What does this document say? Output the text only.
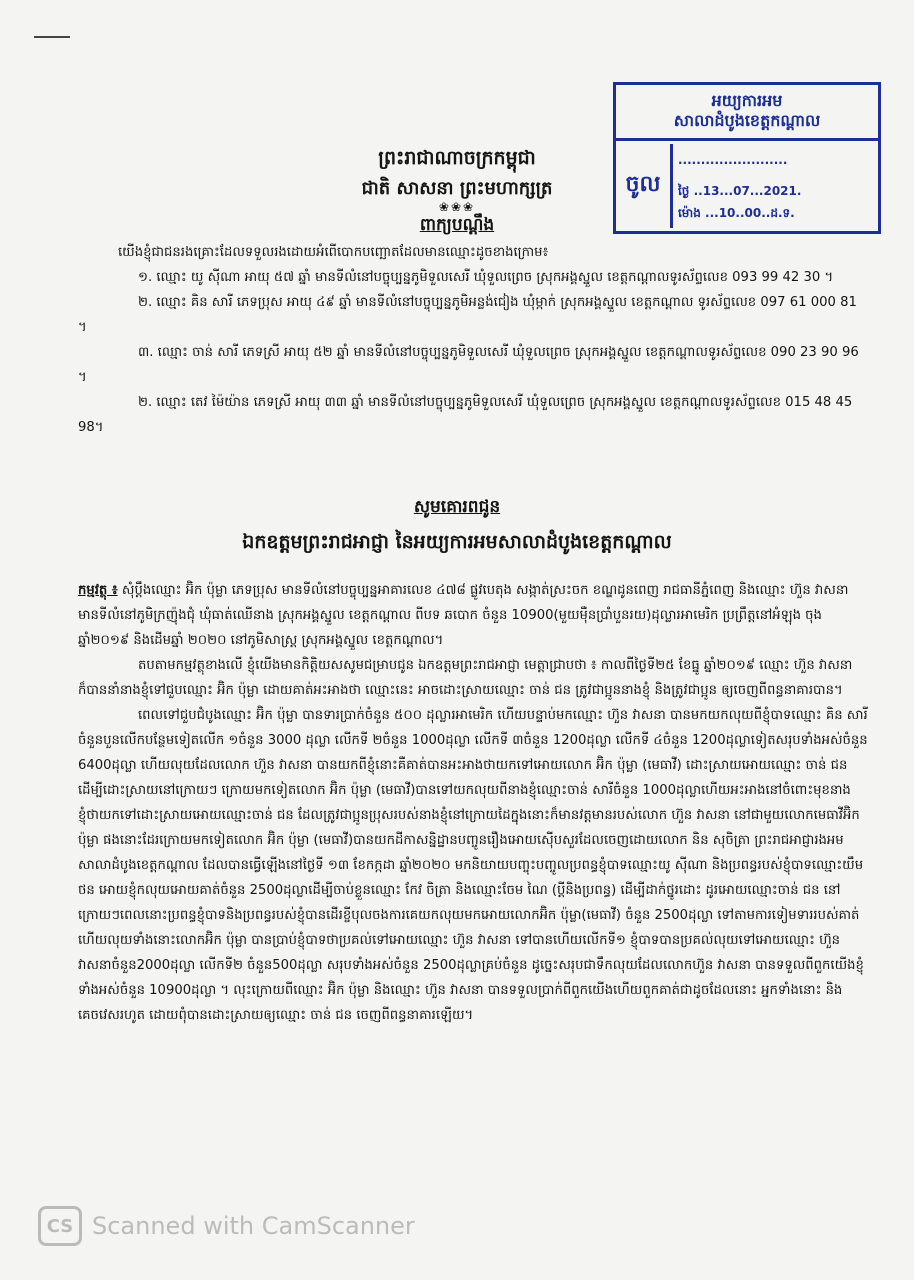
អយ្យការអម
សាលាដំបូងខេត្តកណ្ដាល
ចូល
........................
ថ្ងៃ ..13...07...2021.
ម៉ោង ...10..00..ដ.ទ.
ព្រះរាជាណាចក្រកម្ពុជា
ជាតិ សាសនា ព្រះមហាក្សត្រ
❀❀❀
ពាក្យបណ្ដឹង

យើងខ្ញុំជាជនរងគ្រោះដែលទទួលរងដោយអំពើបោកបញ្ឆោតដែលមានឈ្មោះដូចខាងក្រោម៖

១. ឈ្មោះ យូ ស៊ីណា អាយុ ៥៧ ឆ្នាំ មានទីលំនៅបច្ចុប្បន្នភូមិទួលសេរី ឃុំទួលព្រេច ស្រុកអង្គស្នួល ខេត្តកណ្ដាលទូរស័ព្ទលេខ 093 99 42 30 ។

២. ឈ្មោះ គិន សារី ភេទប្រុស អាយុ ៤៩ ឆ្នាំ មានទីលំនៅបច្ចុប្បន្នភូមិអន្លង់ជៀង ឃុំម្កាក់ ស្រុកអង្គស្នួល ខេត្តកណ្ដាល ទូរស័ព្ទលេខ 097 61 000 81 ។

៣. ឈ្មោះ ចាន់ សារី ភេទស្រី អាយុ ៥២ ឆ្នាំ មានទីលំនៅបច្ចុប្បន្នភូមិទួលសេរី ឃុំទួលព្រេច ស្រុកអង្គស្នួល ខេត្តកណ្ដាលទូរស័ព្ទលេខ 090 23 90 96 ។

២. ឈ្មោះ តេវ ម៉ៃយ៉ាន ភេទស្រី អាយុ ៣៣ ឆ្នាំ មានទីលំនៅបច្ចុប្បន្នភូមិទួលសេរី ឃុំទួលព្រេច ស្រុកអង្គស្នួល ខេត្តកណ្ដាលទូរស័ព្ទលេខ 015 48 45 98។

សូមគោរពជូន
ឯកឧត្តមព្រះរាជអាជ្ញា នៃអយ្យការអមសាលាដំបូងខេត្តកណ្ដាល

កម្មវត្ថុ ៖ សុំប្ដឹងឈ្មោះ អ៊ិក ប៉ុម្លា ភេទប្រុស មានទីលំនៅបច្ចុប្បន្នអាគារលេខ ៤៧៨ ផ្លូវបេតុង សង្កាត់ស្រះចក ខណ្ឌដូនពេញ រាជធានីភ្នំពេញ និងឈ្មោះ ហ៊ួន វាសនា មានទីលំនៅភូមិក្រញ៉ុងជុំ ឃុំធាត់ឈើនាង ស្រុកអង្គស្នួល ខេត្តកណ្ដាល ពីបទ ឆបោក ចំនួន 10900(មួយម៉ឺនប្រាំបួនរយ)ដុល្លារអាមេរិក ប្រព្រឹត្តនៅអំឡុង ចុងឆ្នាំ២០១៩ និងដើមឆ្នាំ ២០២០ នៅភូមិសាស្ត្រ ស្រុកអង្គស្នួល ខេត្តកណ្ដាល។

តបតាមកម្មវត្ថុខាងលើ ខ្ញុំយើងមានកិត្តិយសសូមជម្រាបជូន ឯកឧត្តមព្រះរាជអាជ្ញា មេត្តាជ្រាបថា ៖ កាលពីថ្ងៃទី២៥ ខែធ្នូ ឆ្នាំ២០១៩ ឈ្មោះ ហ៊ួន វាសនា ក៏បាននាំនាងខ្ញុំទៅជួបឈ្មោះ អ៊ិក ប៉ុម្លា ដោយគាត់អះអាងថា ឈ្មោះនេះ អាចដោះស្រាយឈ្មោះ ចាន់ ជន ត្រូវជាប្អូននាងខ្ញុំ និងត្រូវជាប្អូន ឲ្យចេញពីពន្ធនាគារបាន។

ពេលទៅជួបជំបូងឈ្មោះ អ៊ិក ប៉ុម្លា បានទារប្រាក់ចំនួន ៥០០ ដុល្លារអាមេរិក ហើយបន្ទាប់មកឈ្មោះ ហ៊ួន វាសនា បានមកយកលុយពីខ្ញុំបាទឈ្មោះ គិន សារី ចំនួនបួនលើកបន្ថែមទៀតលើក ១ចំនួន 3000 ដុល្លា លើកទី ២ចំនួន 1000ដុល្លា លើកទី ៣ចំនួន 1200ដុល្លា លើកទី ៤ចំនួន 1200ដុល្លាទៀតសរុបទាំងអស់ចំនួន 6400ដុល្លា ហើយលុយដែលលោក ហ៊ួន វាសនា បានយកពីខ្ញុំនោះគឺគាត់បានអះអាងថាយកទៅអោយលោក អ៊ិក ប៉ុម្លា (មេធាវី) ដោះស្រាយអោយឈ្មោះ ចាន់ ជន ដើម្បីដោះស្រាយនៅក្រោយៗ ក្រោយមកទៀតលោក អ៊ិក ប៉ុម្លា (មេធាវី)បានទៅយកលុយពីនាងខ្ញុំឈ្មោះចាន់ សារីចំនួន 1000ដុល្លាហើយអះអាងនៅចំពោះមុខនាងខ្ញុំថាយកទៅដោះស្រាយអោយឈ្មោះចាន់ ជន ដែលត្រូវជាប្អូនប្រុសរបស់នាងខ្ញុំនៅក្រោយដៃក្នុងនោះក៏មានវត្តមានរបស់លោក ហ៊ួន វាសនា នៅជាមួយលោកមេធាវីអ៊ិក ប៉ុម្លា ផងនោះដែរក្រោយមកទៀតលោក អ៊ិក ប៉ុម្លា (មេធាវី)បានយកដីកាសន្និដ្ឋានបញ្ចូនរឿងអោយស៊ើបសួរដែលចេញដោយលោក និន សុចិត្រា ព្រះរាជអាជ្ញារងអមសាលាដំបូងខេត្តកណ្ដាល ដែលបានធ្វើឡើងនៅថ្ងៃទី ១៣ ខែកក្កដា ឆ្នាំ២០២០ មកនិយាយបញ្ចុះបញ្ចូលប្រពន្ធខ្ញុំបាទឈ្មោះយូ ស៊ីណា និងប្រពន្ធរបស់ខ្ញុំបាទឈ្មោះយឹម ថន អោយខ្ញុំកលុយអោយគាត់ចំនួន 2500ដុល្លាដើម្បីចាប់ខ្លួនឈ្មោះ កែវ ចិត្រា និងឈ្មោះចែម ណៃ (ប្ដីនិងប្រពន្ធ) ដើម្បីដាក់ថ្នូរដោះ ដូរអោយឈ្មោះចាន់ ជន នៅក្រោយៗពេលនោះប្រពន្ធខ្ញុំបាទនិងប្រពន្ធរបស់ខ្ញុំបានដើរខ្ចីបុលចងការគេយកលុយមកអោយលោកអ៊ិក ប៉ុម្លា(មេធាវី) ចំនួន 2500ដុល្លា ទៅតាមការទៀមទាររបស់គាត់ហើយលុយទាំងនោះលោកអ៊ិក ប៉ុម្លា បានប្រាប់ខ្ញុំបាទថាប្រគល់ទៅអោយឈ្មោះ ហ៊ួន វាសនា ទៅបានហើយលើកទី១ ខ្ញុំបាទបានប្រគល់លុយទៅអោយឈ្មោះ ហ៊ួន វាសនាចំនួន2000ដុល្លា លើកទី២ ចំនួន500ដុល្លា សរុបទាំងអស់ចំនួន 2500ដុល្លាគ្រប់ចំនួន ដូច្នេះសរុបជាទឹកលុយដែលលោកហ៊ួន វាសនា បានទទួលពីពួកយើងខ្ញុំទាំងអស់ចំនួន 10900ដុល្លា ។ លុះក្រោយពីឈ្មោះ អ៊ិក ប៉ុម្លា និងឈ្មោះ ហ៊ួន វាសនា បានទទួលប្រាក់ពីពួកយើងហើយពួកគាត់ជាដូចដែលនោះ អ្នកទាំងនោះ និងគេចវេសរហូត ដោយពុំបានដោះស្រាយឲ្យឈ្មោះ ចាន់ ជន ចេញពីពន្ធនាគារឡើយ។

CS Scanned with CamScanner
